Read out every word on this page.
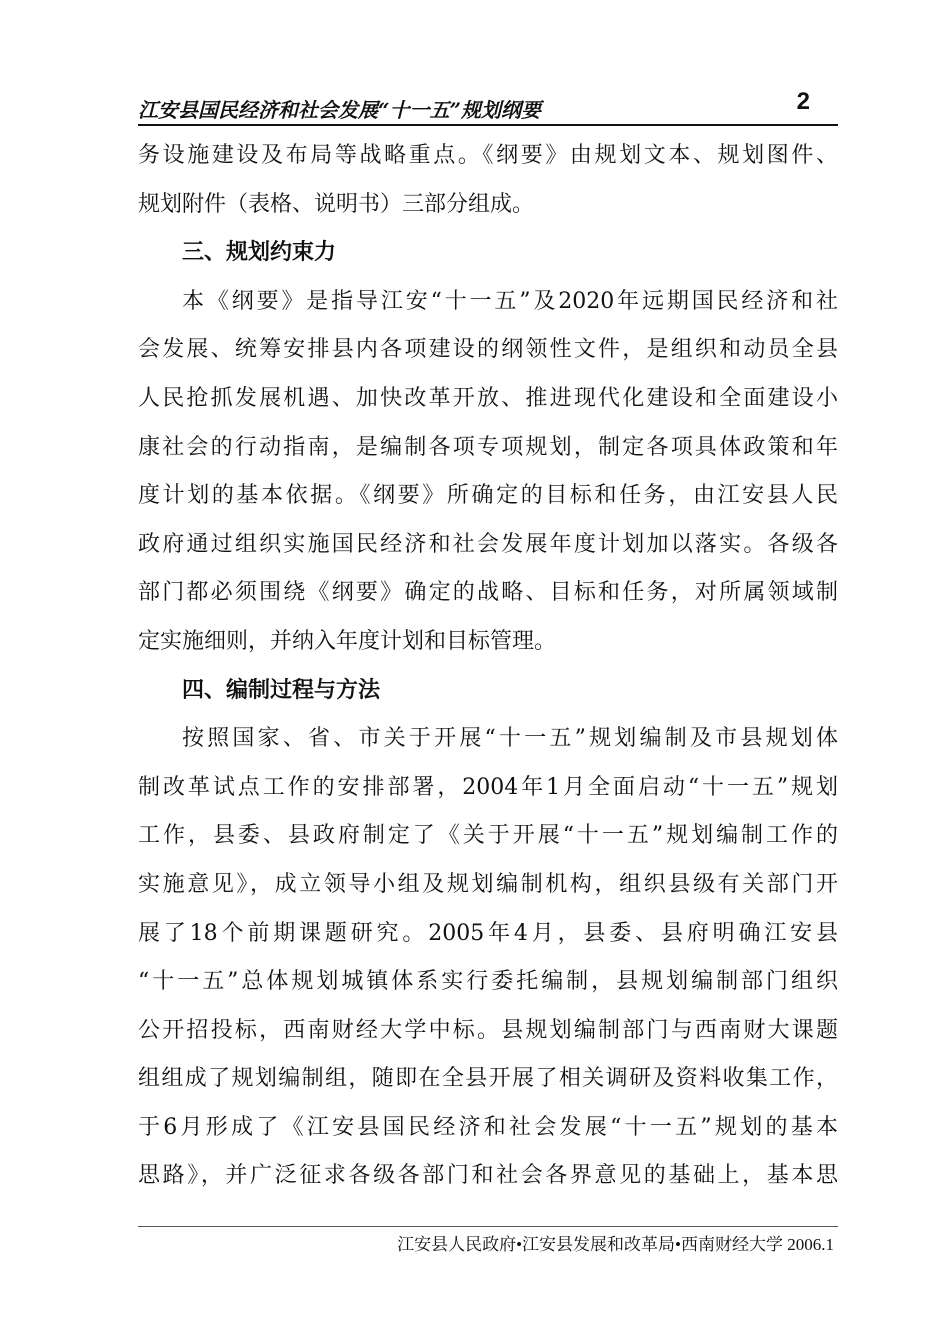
江安县国民经济和社会发展“十一五”规划纲要	2
务设施建设及布局等战略重点。《纲要》由规划文本、规划图件、
规划附件（表格、说明书）三部分组成。
三、规划约束力
本《纲要》是指导江安“十一五”及2020年远期国民经济和社
会发展、统筹安排县内各项建设的纲领性文件，是组织和动员全县
人民抢抓发展机遇、加快改革开放、推进现代化建设和全面建设小
康社会的行动指南，是编制各项专项规划，制定各项具体政策和年
度计划的基本依据。《纲要》所确定的目标和任务，由江安县人民
政府通过组织实施国民经济和社会发展年度计划加以落实。各级各
部门都必须围绕《纲要》确定的战略、目标和任务，对所属领域制
定实施细则，并纳入年度计划和目标管理。
四、编制过程与方法
按照国家、省、市关于开展“十一五”规划编制及市县规划体
制改革试点工作的安排部署，2004年1月全面启动“十一五”规划
工作，县委、县政府制定了《关于开展“十一五”规划编制工作的
实施意见》，成立领导小组及规划编制机构，组织县级有关部门开
展了18个前期课题研究。2005年4月，县委、县府明确江安县
“十一五”总体规划城镇体系实行委托编制，县规划编制部门组织
公开招投标，西南财经大学中标。县规划编制部门与西南财大课题
组组成了规划编制组，随即在全县开展了相关调研及资料收集工作，
于6月形成了《江安县国民经济和社会发展“十一五”规划的基本
思路》，并广泛征求各级各部门和社会各界意见的基础上，基本思
江安县人民政府•江安县发展和改革局•西南财经大学 2006.1
